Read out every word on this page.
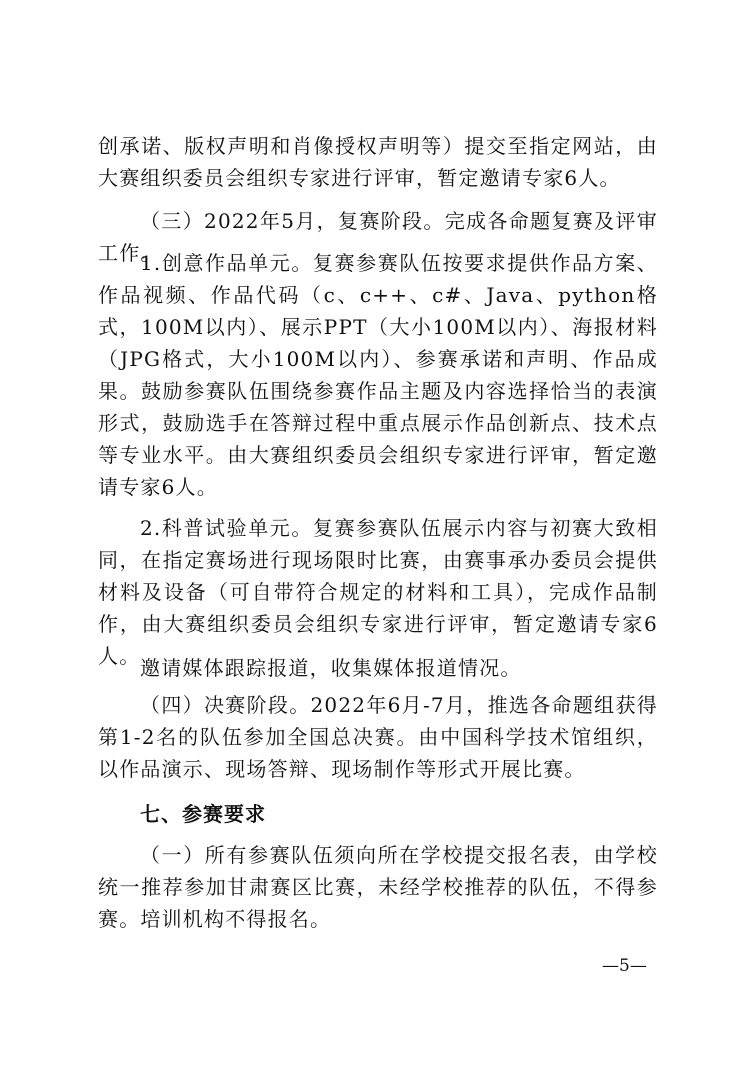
创承诺、版权声明和肖像授权声明等）提交至指定网站，由大赛组织委员会组织专家进行评审，暂定邀请专家6人。

（三）2022年5月，复赛阶段。完成各命题复赛及评审工作。

1.创意作品单元。复赛参赛队伍按要求提供作品方案、作品视频、作品代码（c、c++、c#、Java、python格式，100M以内）、展示PPT（大小100M以内）、海报材料（JPG格式，大小100M以内）、参赛承诺和声明、作品成果。鼓励参赛队伍围绕参赛作品主题及内容选择恰当的表演形式，鼓励选手在答辩过程中重点展示作品创新点、技术点等专业水平。由大赛组织委员会组织专家进行评审，暂定邀请专家6人。

2.科普试验单元。复赛参赛队伍展示内容与初赛大致相同，在指定赛场进行现场限时比赛，由赛事承办委员会提供材料及设备（可自带符合规定的材料和工具），完成作品制作，由大赛组织委员会组织专家进行评审，暂定邀请专家6人。 邀请媒体跟踪报道，收集媒体报道情况。

（四）决赛阶段。2022年6月-7月，推选各命题组获得第1-2名的队伍参加全国总决赛。由中国科学技术馆组织，以作品演示、现场答辩、现场制作等形式开展比赛。

七、参赛要求

（一）所有参赛队伍须向所在学校提交报名表，由学校统一推荐参加甘肃赛区比赛，未经学校推荐的队伍，不得参赛。培训机构不得报名。

—5—
